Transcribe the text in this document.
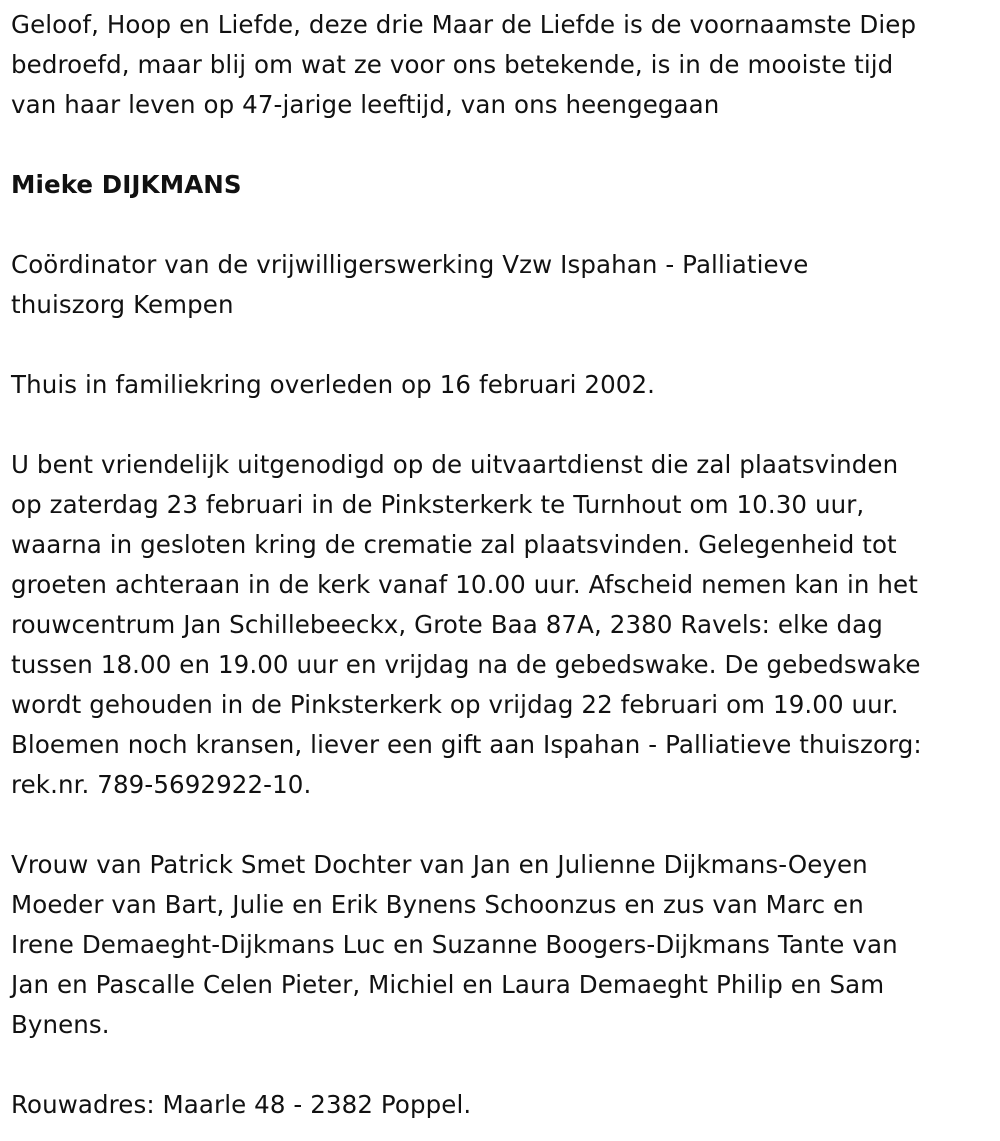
Geloof, Hoop en Liefde, deze drie Maar de Liefde is de voornaamste Diep
bedroefd, maar blij om wat ze voor ons betekende, is in de mooiste tijd
van haar leven op 47-jarige leeftijd, van ons heengegaan

Mieke DIJKMANS

Coördinator van de vrijwilligerswerking Vzw Ispahan - Palliatieve
thuiszorg Kempen

Thuis in familiekring overleden op 16 februari 2002.

U bent vriendelijk uitgenodigd op de uitvaartdienst die zal plaatsvinden
op zaterdag 23 februari in de Pinksterkerk te Turnhout om 10.30 uur,
waarna in gesloten kring de crematie zal plaatsvinden. Gelegenheid tot
groeten achteraan in de kerk vanaf 10.00 uur. Afscheid nemen kan in het
rouwcentrum Jan Schillebeeckx, Grote Baa 87A, 2380 Ravels: elke dag
tussen 18.00 en 19.00 uur en vrijdag na de gebedswake. De gebedswake
wordt gehouden in de Pinksterkerk op vrijdag 22 februari om 19.00 uur.
Bloemen noch kransen, liever een gift aan Ispahan - Palliatieve thuiszorg:
rek.nr. 789-5692922-10.

Vrouw van Patrick Smet Dochter van Jan en Julienne Dijkmans-Oeyen
Moeder van Bart, Julie en Erik Bynens Schoonzus en zus van Marc en
Irene Demaeght-Dijkmans Luc en Suzanne Boogers-Dijkmans Tante van
Jan en Pascalle Celen Pieter, Michiel en Laura Demaeght Philip en Sam
Bynens.

Rouwadres: Maarle 48 - 2382 Poppel.
